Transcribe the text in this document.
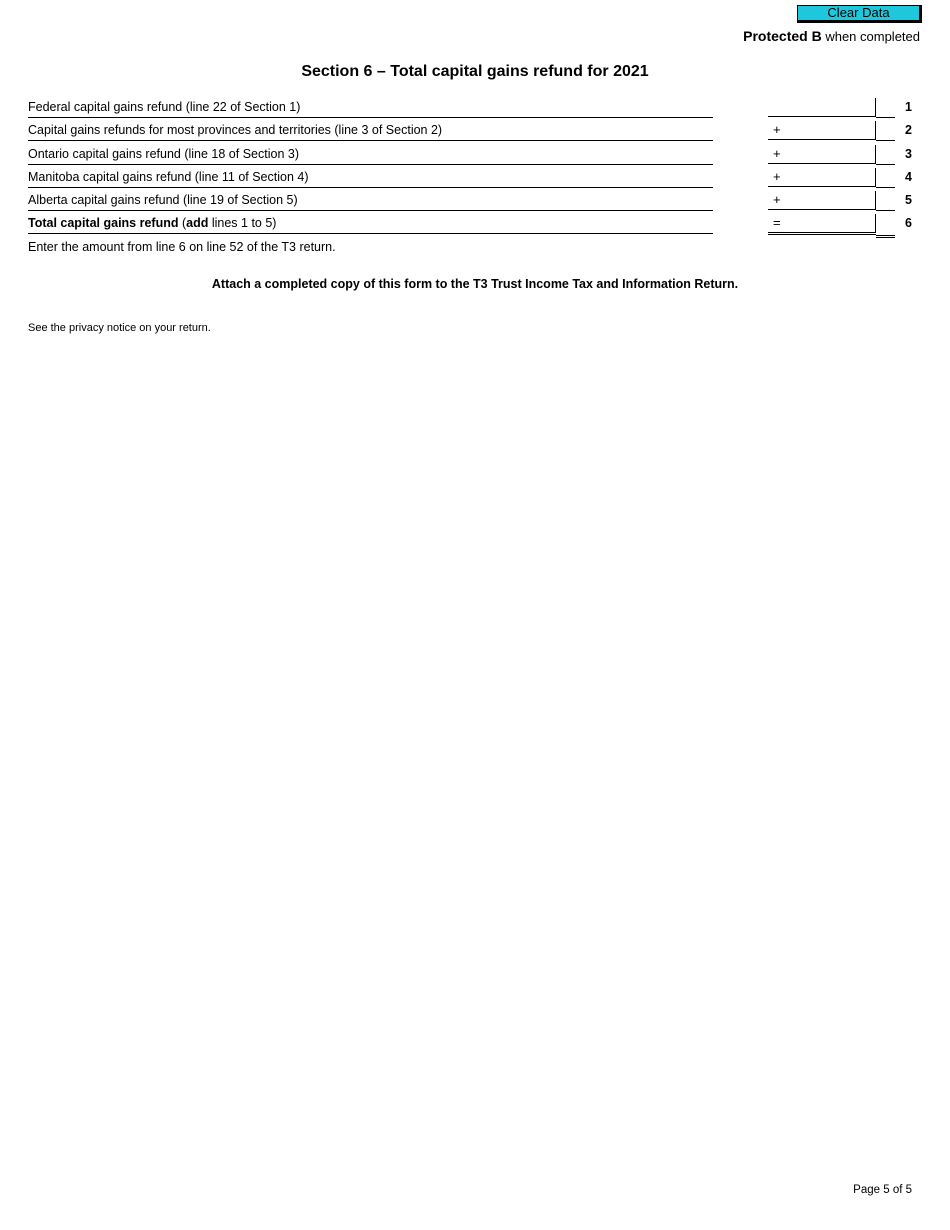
Clear Data
Protected B when completed
Section 6 – Total capital gains refund for 2021
Federal capital gains refund (line 22 of Section 1)	1
Capital gains refunds for most provinces and territories (line 3 of Section 2)	+	2
Ontario capital gains refund (line 18 of Section 3)	+	3
Manitoba capital gains refund (line 11 of Section 4)	+	4
Alberta capital gains refund (line 19 of Section 5)	+	5
Total capital gains refund (add lines 1 to 5)	=	6
Enter the amount from line 6 on line 52 of the T3 return.
Attach a completed copy of this form to the T3 Trust Income Tax and Information Return.
See the privacy notice on your return.
Page 5 of 5
